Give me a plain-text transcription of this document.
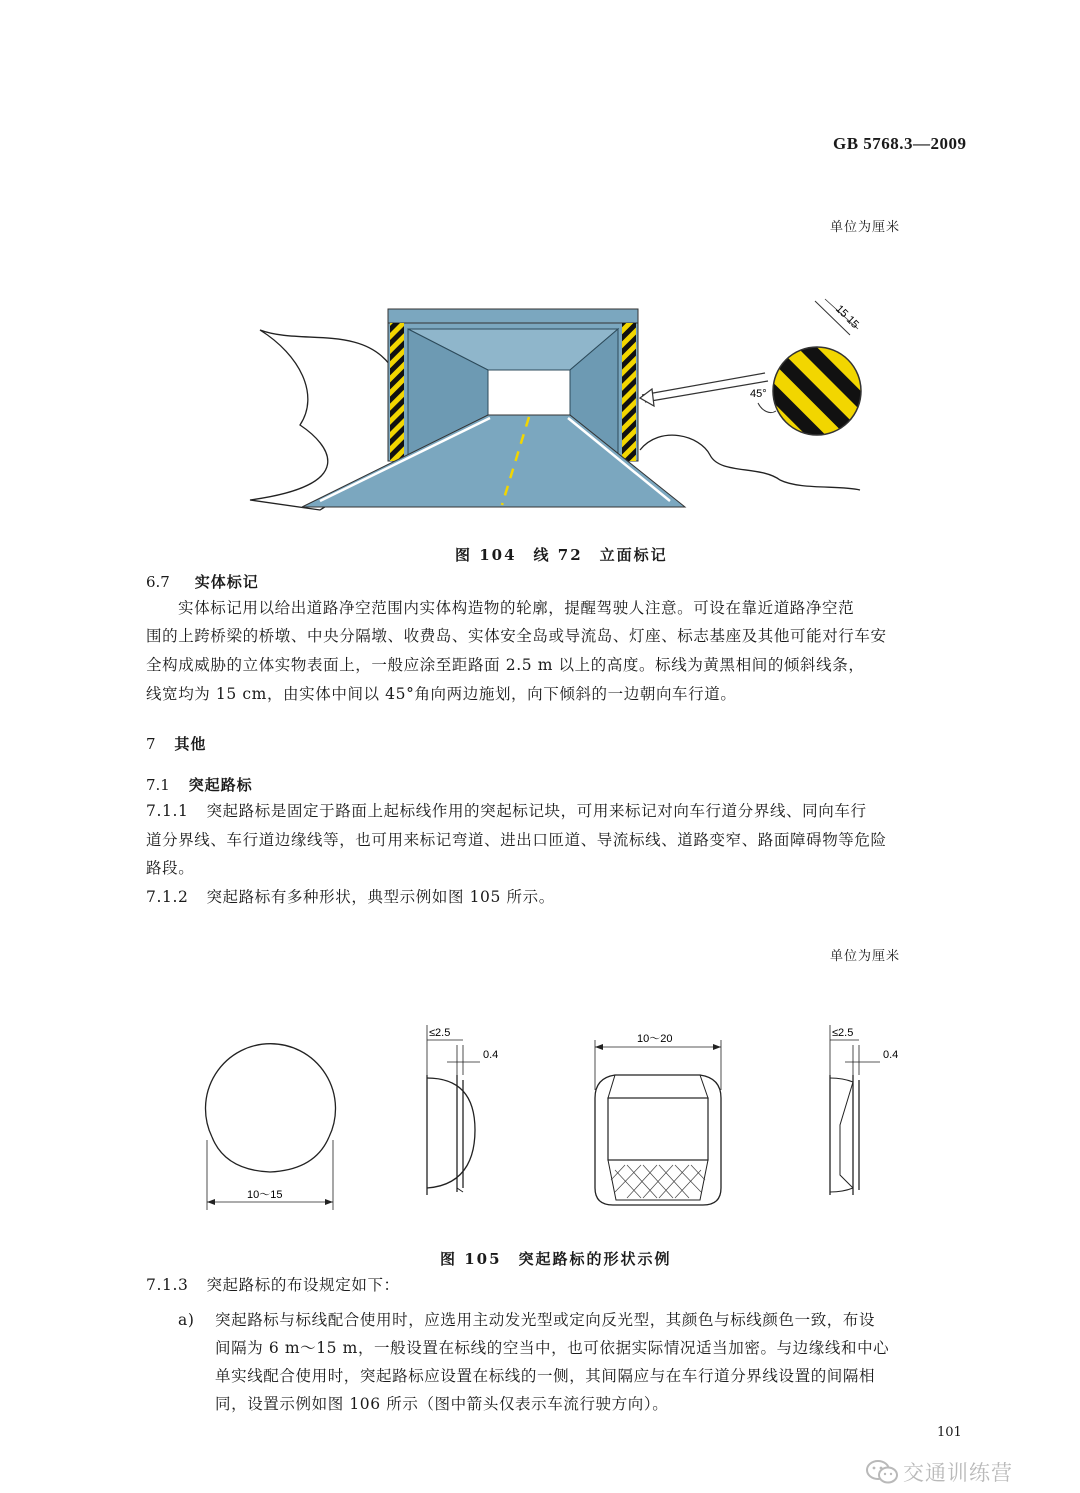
GB 5768.3—2009
单位为厘米
15 15
45°
图 104　线 72　立面标记
6.7 实体标记
实体标记用以给出道路净空范围内实体构造物的轮廓，提醒驾驶人注意。可设在靠近道路净空范
围的上跨桥梁的桥墩、中央分隔墩、收费岛、实体安全岛或导流岛、灯座、标志基座及其他可能对行车安
全构成威胁的立体实物表面上，一般应涂至距路面 2.5 m 以上的高度。标线为黄黑相间的倾斜线条，
线宽均为 15 cm，由实体中间以 45°角向两边施划，向下倾斜的一边朝向车行道。
7 其他
7.1 突起路标
7.1.1 突起路标是固定于路面上起标线作用的突起标记块，可用来标记对向车行道分界线、同向车行
道分界线、车行道边缘线等，也可用来标记弯道、进出口匝道、导流标线、道路变窄、路面障碍物等危险
路段。
7.1.2 突起路标有多种形状，典型示例如图 105 所示。
单位为厘米
10～15
≤2.5
0.4
10～20	≤2.5
0.4
图 105　突起路标的形状示例
7.1.3 突起路标的布设规定如下：
a) 突起路标与标线配合使用时，应选用主动发光型或定向反光型，其颜色与标线颜色一致，布设
间隔为 6 m～15 m，一般设置在标线的空当中，也可依据实际情况适当加密。与边缘线和中心
单实线配合使用时，突起路标应设置在标线的一侧，其间隔应与在车行道分界线设置的间隔相
同，设置示例如图 106 所示（图中箭头仅表示车流行驶方向）。
101
交通训练营
